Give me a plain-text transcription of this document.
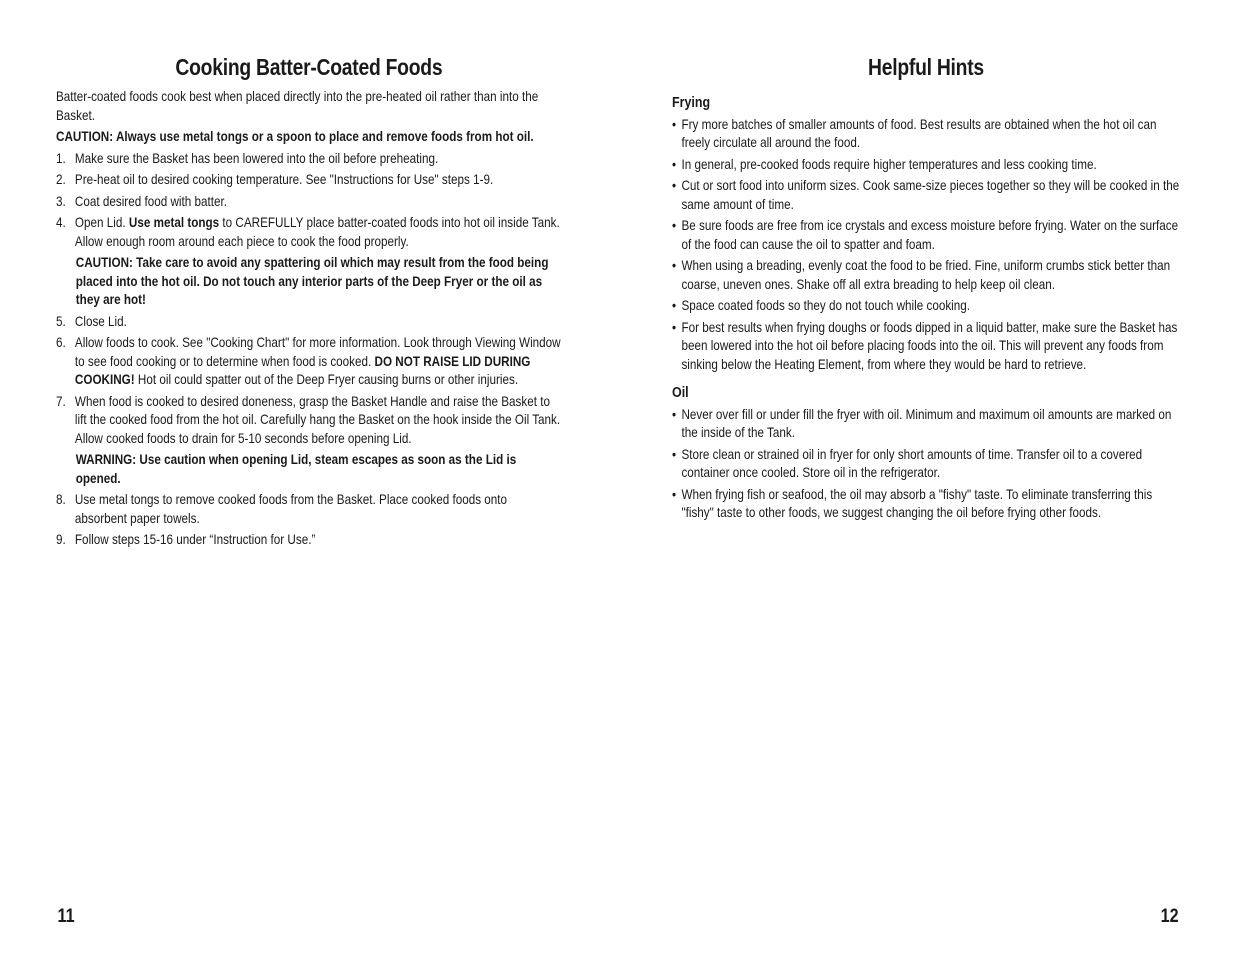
Cooking Batter-Coated Foods

Batter-coated foods cook best when placed directly into the pre-heated oil rather than into the Basket.

CAUTION: Always use metal tongs or a spoon to place and remove foods from hot oil.

1. Make sure the Basket has been lowered into the oil before preheating.
2. Pre-heat oil to desired cooking temperature. See "Instructions for Use" steps 1-9.
3. Coat desired food with batter.
4. Open Lid. Use metal tongs to CAREFULLY place batter-coated foods into hot oil inside Tank. Allow enough room around each piece to cook the food properly.

CAUTION: Take care to avoid any spattering oil which may result from the food being placed into the hot oil. Do not touch any interior parts of the Deep Fryer or the oil as they are hot!

5. Close Lid.
6. Allow foods to cook. See "Cooking Chart" for more information. Look through Viewing Window to see food cooking or to determine when food is cooked. DO NOT RAISE LID DURING COOKING! Hot oil could spatter out of the Deep Fryer causing burns or other injuries.
7. When food is cooked to desired doneness, grasp the Basket Handle and raise the Basket to lift the cooked food from the hot oil. Carefully hang the Basket on the hook inside the Oil Tank. Allow cooked foods to drain for 5-10 seconds before opening Lid.

WARNING: Use caution when opening Lid, steam escapes as soon as the Lid is opened.

8. Use metal tongs to remove cooked foods from the Basket. Place cooked foods onto absorbent paper towels.
9. Follow steps 15-16 under “Instruction for Use.”
11
Helpful Hints
Frying
• Fry more batches of smaller amounts of food. Best results are obtained when the hot oil can freely circulate all around the food.
• In general, pre-cooked foods require higher temperatures and less cooking time.
• Cut or sort food into uniform sizes. Cook same-size pieces together so they will be cooked in the same amount of time.
• Be sure foods are free from ice crystals and excess moisture before frying. Water on the surface of the food can cause the oil to spatter and foam.
• When using a breading, evenly coat the food to be fried. Fine, uniform crumbs stick better than coarse, uneven ones. Shake off all extra breading to help keep oil clean.
• Space coated foods so they do not touch while cooking.
• For best results when frying doughs or foods dipped in a liquid batter, make sure the Basket has been lowered into the hot oil before placing foods into the oil. This will prevent any foods from sinking below the Heating Element, from where they would be hard to retrieve.
Oil
• Never over fill or under fill the fryer with oil. Minimum and maximum oil amounts are marked on the inside of the Tank.
• Store clean or strained oil in fryer for only short amounts of time. Transfer oil to a covered container once cooled. Store oil in the refrigerator.
• When frying fish or seafood, the oil may absorb a "fishy" taste. To eliminate transferring this "fishy" taste to other foods, we suggest changing the oil before frying other foods.
12
